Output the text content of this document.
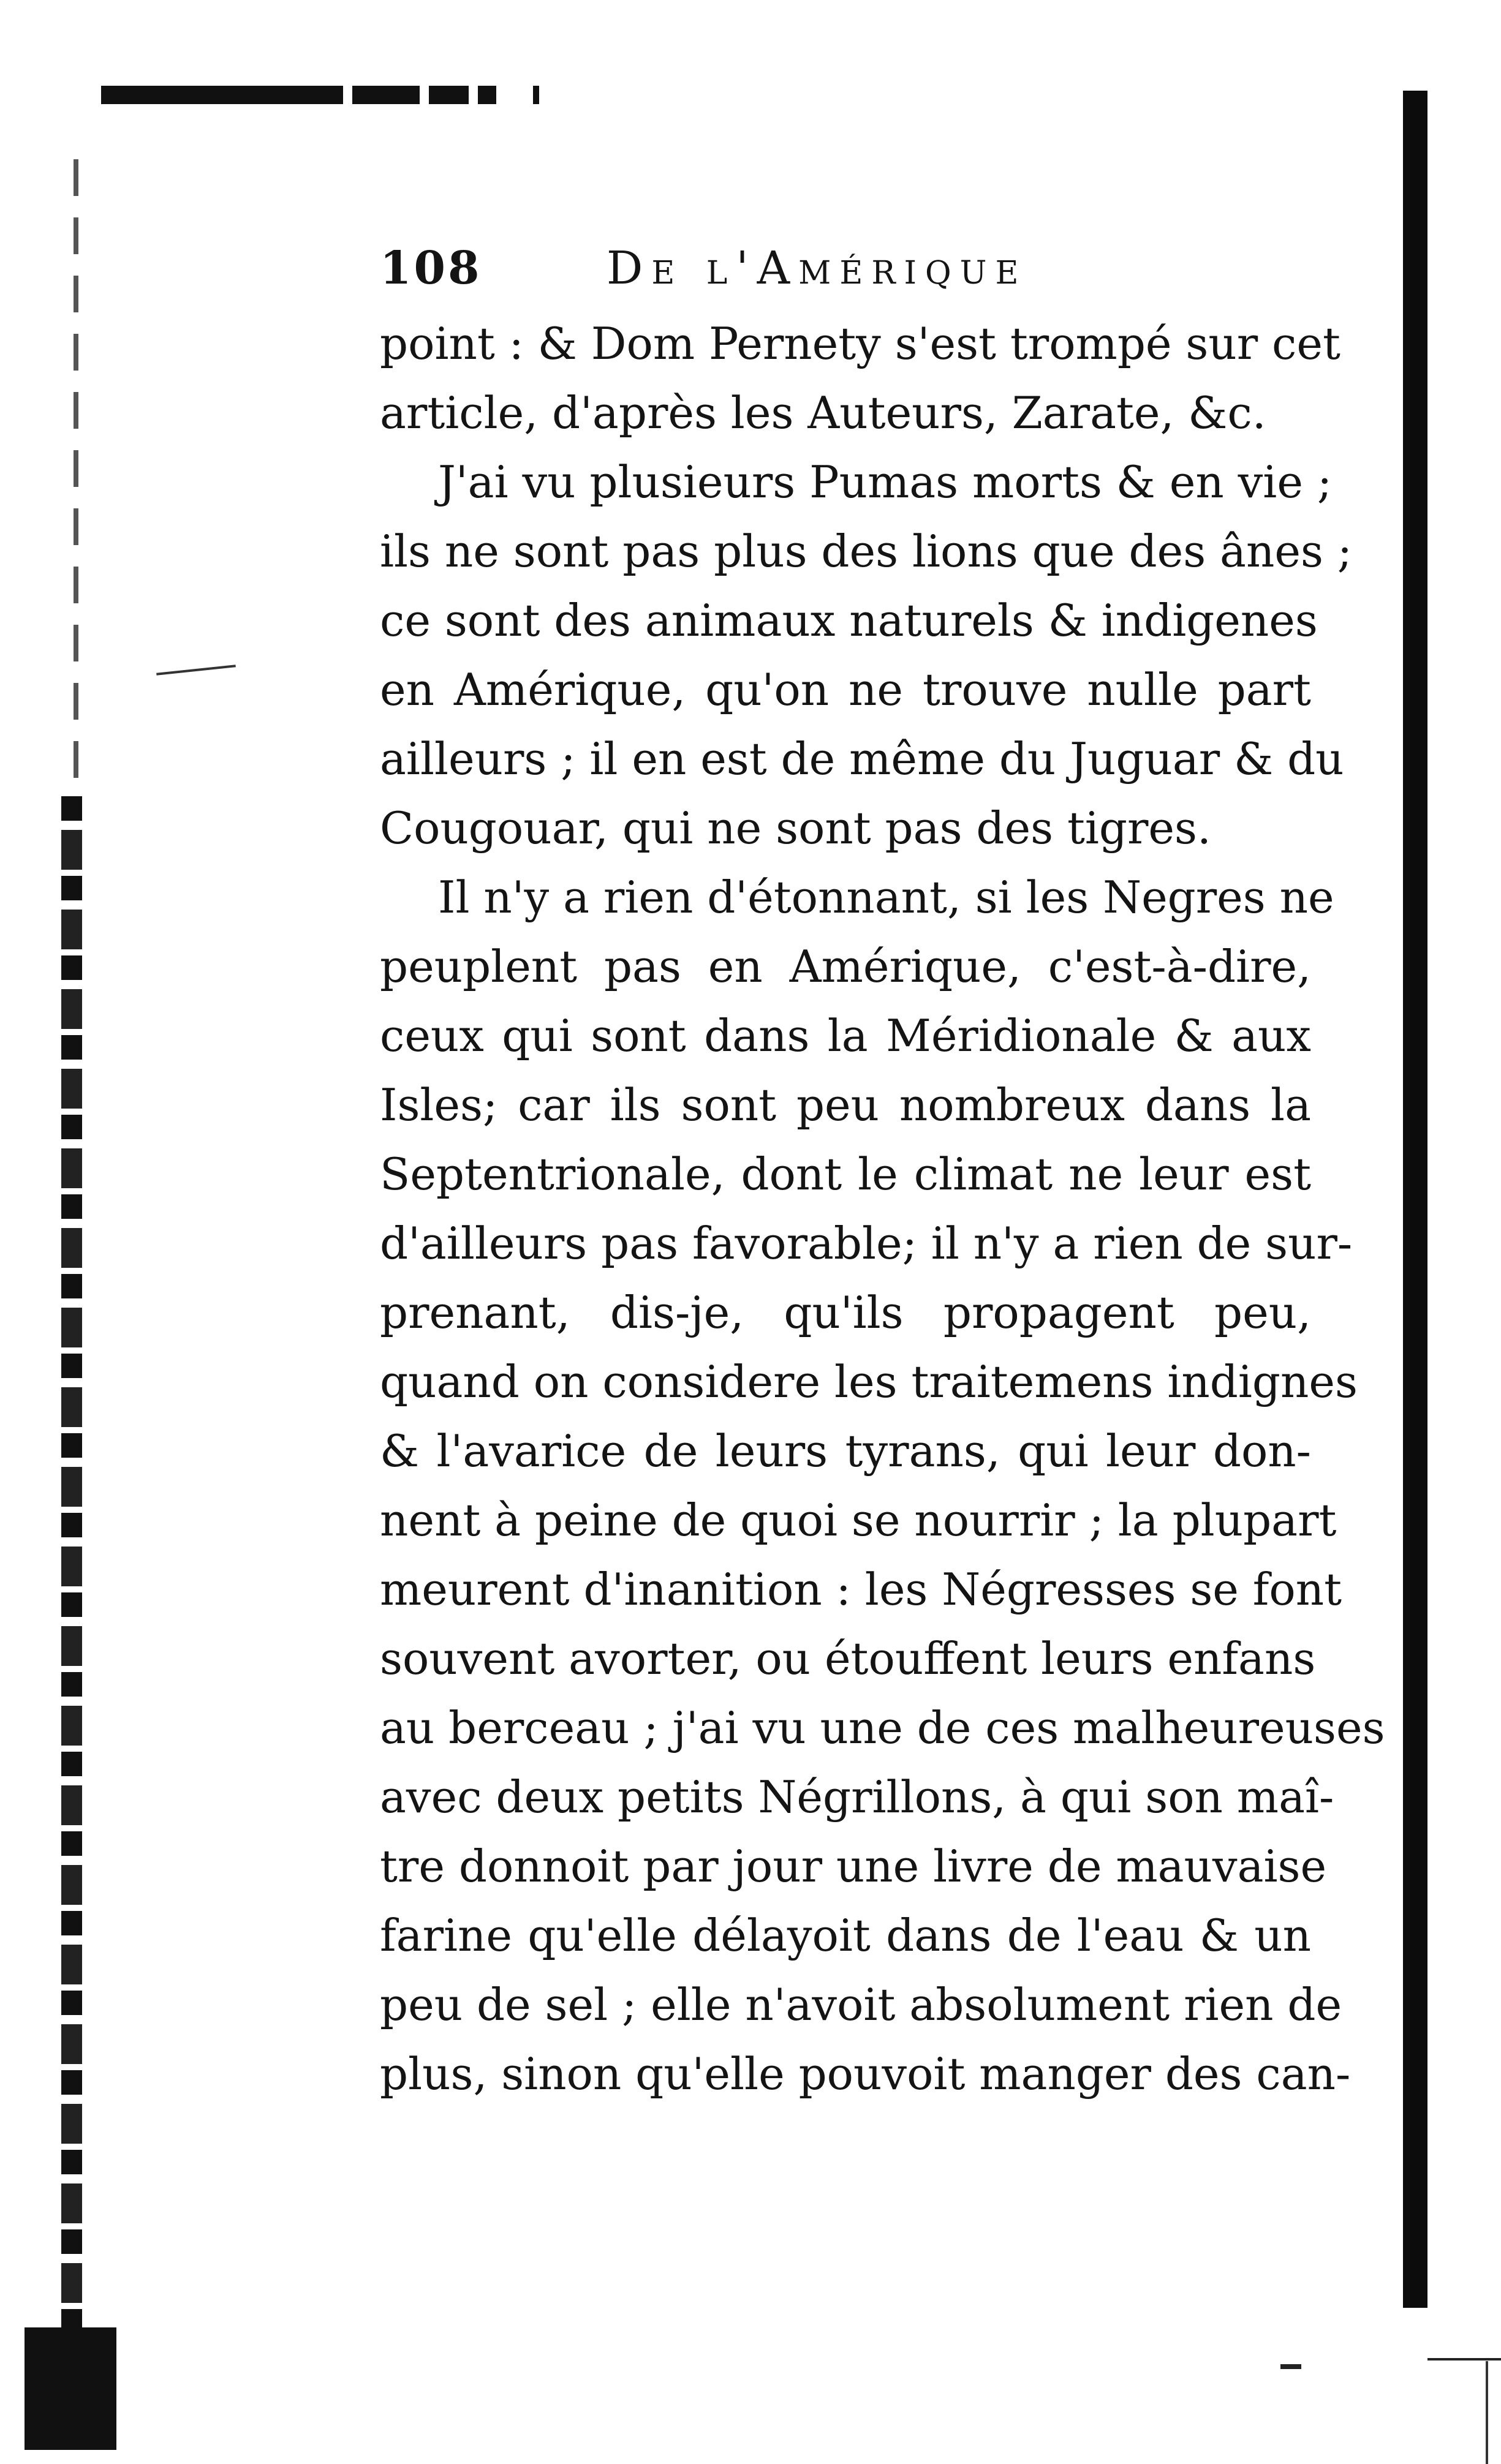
108	De l'Amérique
point : & Dom Pernety s'est trompé sur cet
article, d'après les Auteurs, Zarate, &c.
J'ai vu plusieurs Pumas morts & en vie ;
ils ne sont pas plus des lions que des ânes ;
ce sont des animaux naturels & indigenes
en Amérique, qu'on ne trouve nulle part
ailleurs ; il en est de même du Juguar & du
Cougouar, qui ne sont pas des tigres.
Il n'y a rien d'étonnant, si les Negres ne
peuplent pas en Amérique, c'est-à-dire,
ceux qui sont dans la Méridionale & aux
Isles; car ils sont peu nombreux dans la
Septentrionale, dont le climat ne leur est
d'ailleurs pas favorable; il n'y a rien de sur-
prenant, dis-je, qu'ils propagent peu,
quand on considere les traitemens indignes
& l'avarice de leurs tyrans, qui leur don-
nent à peine de quoi se nourrir ; la plupart
meurent d'inanition : les Négresses se font
souvent avorter, ou étouffent leurs enfans
au berceau ; j'ai vu une de ces malheureuses
avec deux petits Négrillons, à qui son maî-
tre donnoit par jour une livre de mauvaise
farine qu'elle délayoit dans de l'eau & un
peu de sel ; elle n'avoit absolument rien de
plus, sinon qu'elle pouvoit manger des can-
